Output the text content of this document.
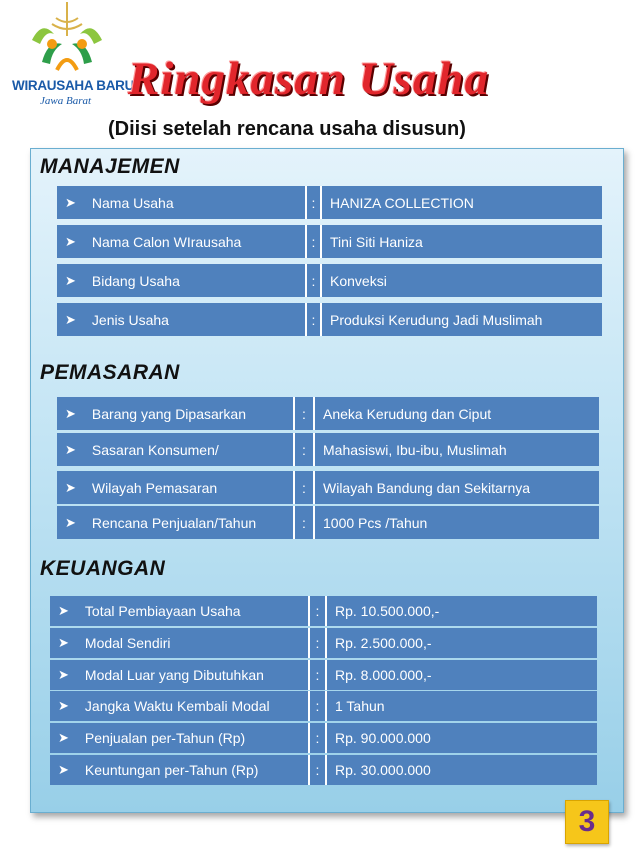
WIRAUSAHA BARU
Jawa Barat Ringkasan Usaha
(Diisi setelah rencana usaha disusun)
MANAJEMEN
➤ Nama Usaha	:	HANIZA COLLECTION
➤ Nama Calon WIrausaha	:	Tini Siti Haniza
➤ Bidang Usaha	:	Konveksi
➤ Jenis Usaha	:	Produksi Kerudung Jadi Muslimah
PEMASARAN
➤ Barang yang Dipasarkan	:	Aneka Kerudung dan Ciput
➤ Sasaran Konsumen/	:	Mahasiswi, Ibu-ibu, Muslimah
➤ Wilayah Pemasaran	:	Wilayah Bandung dan Sekitarnya
➤ Rencana Penjualan/Tahun	:	1000 Pcs /Tahun
KEUANGAN
➤ Total Pembiayaan Usaha	:	Rp. 10.500.000,-
➤ Modal Sendiri	:	Rp. 2.500.000,-
➤ Modal Luar yang Dibutuhkan	:	Rp. 8.000.000,-
➤ Jangka Waktu Kembali Modal	:	1 Tahun
➤ Penjualan per-Tahun (Rp)	:	Rp. 90.000.000
➤ Keuntungan per-Tahun (Rp)	:	Rp. 30.000.000
3
